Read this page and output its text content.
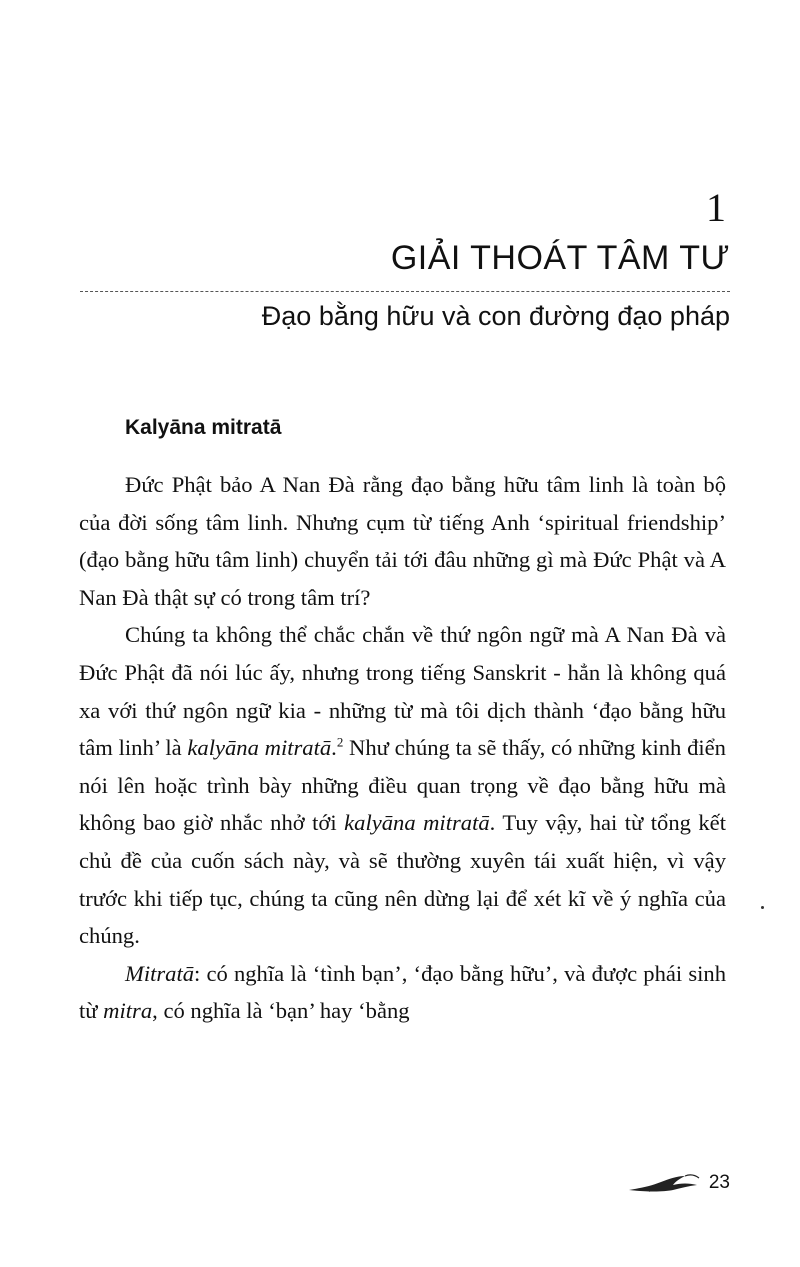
1
GIẢI THOÁT TÂM TƯ
Đạo bằng hữu và con đường đạo pháp
Kalyāna mitratā

Đức Phật bảo A Nan Đà rằng đạo bằng hữu tâm linh là toàn bộ của đời sống tâm linh. Nhưng cụm từ tiếng Anh ‘spiritual friendship’ (đạo bằng hữu tâm linh) chuyển tải tới đâu những gì mà Đức Phật và A Nan Đà thật sự có trong tâm trí?

Chúng ta không thể chắc chắn về thứ ngôn ngữ mà A Nan Đà và Đức Phật đã nói lúc ấy, nhưng trong tiếng Sanskrit - hẳn là không quá xa với thứ ngôn ngữ kia - những từ mà tôi dịch thành ‘đạo bằng hữu tâm linh’ là kalyāna mitratā.$^2$ Như chúng ta sẽ thấy, có những kinh điển nói lên hoặc trình bày những điều quan trọng về đạo bằng hữu mà không bao giờ nhắc nhở tới kalyāna mitratā. Tuy vậy, hai từ tổng kết chủ đề của cuốn sách này, và sẽ thường xuyên tái xuất hiện, vì vậy trước khi tiếp tục, chúng ta cũng nên dừng lại để xét kĩ về ý nghĩa của chúng.

Mitratā: có nghĩa là ‘tình bạn’, ‘đạo bằng hữu’, và được phái sinh từ mitra, có nghĩa là ‘bạn’ hay ‘bằng

23
